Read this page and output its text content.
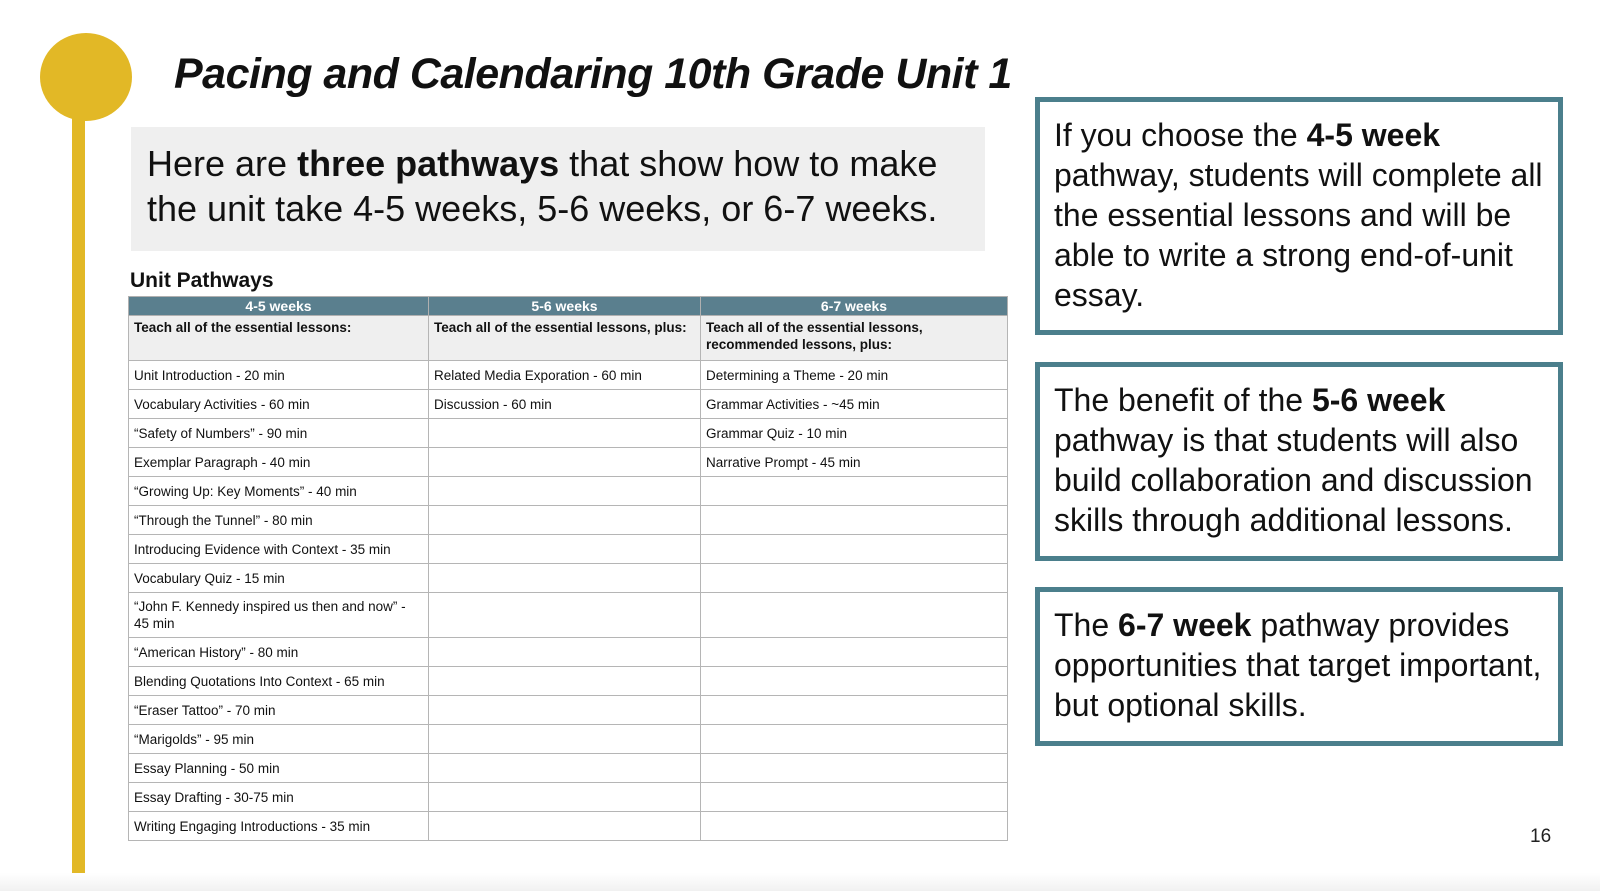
Pacing and Calendaring 10th Grade Unit 1
Here are three pathways that show how to make the unit take 4-5 weeks, 5-6 weeks, or 6-7 weeks.
Unit Pathways
4-5 weeks	5-6 weeks	6-7 weeks
Teach all of the essential lessons:	Teach all of the essential lessons, plus:	Teach all of the essential lessons, recommended lessons, plus:
Unit Introduction - 20 min	Related Media Exporation - 60 min	Determining a Theme - 20 min
Vocabulary Activities - 60 min	Discussion - 60 min	Grammar Activities - ~45 min
“Safety of Numbers” - 90 min		Grammar Quiz - 10 min
Exemplar Paragraph - 40 min		Narrative Prompt - 45 min
“Growing Up: Key Moments” - 40 min		
“Through the Tunnel” - 80 min		
Introducing Evidence with Context - 35 min		
Vocabulary Quiz - 15 min		
“John F. Kennedy inspired us then and now” - 45 min		
“American History” - 80 min		
Blending Quotations Into Context - 65 min		
“Eraser Tattoo” - 70 min		
“Marigolds” - 95 min		
Essay Planning - 50 min		
Essay Drafting - 30-75 min		
Writing Engaging Introductions - 35 min		
If you choose the 4-5 week pathway, students will complete all the essential lessons and will be able to write a strong end-of-unit essay.
The benefit of the 5-6 week pathway is that students will also build collaboration and discussion skills through additional lessons.
The 6-7 week pathway provides opportunities that target important, but optional skills.
16
